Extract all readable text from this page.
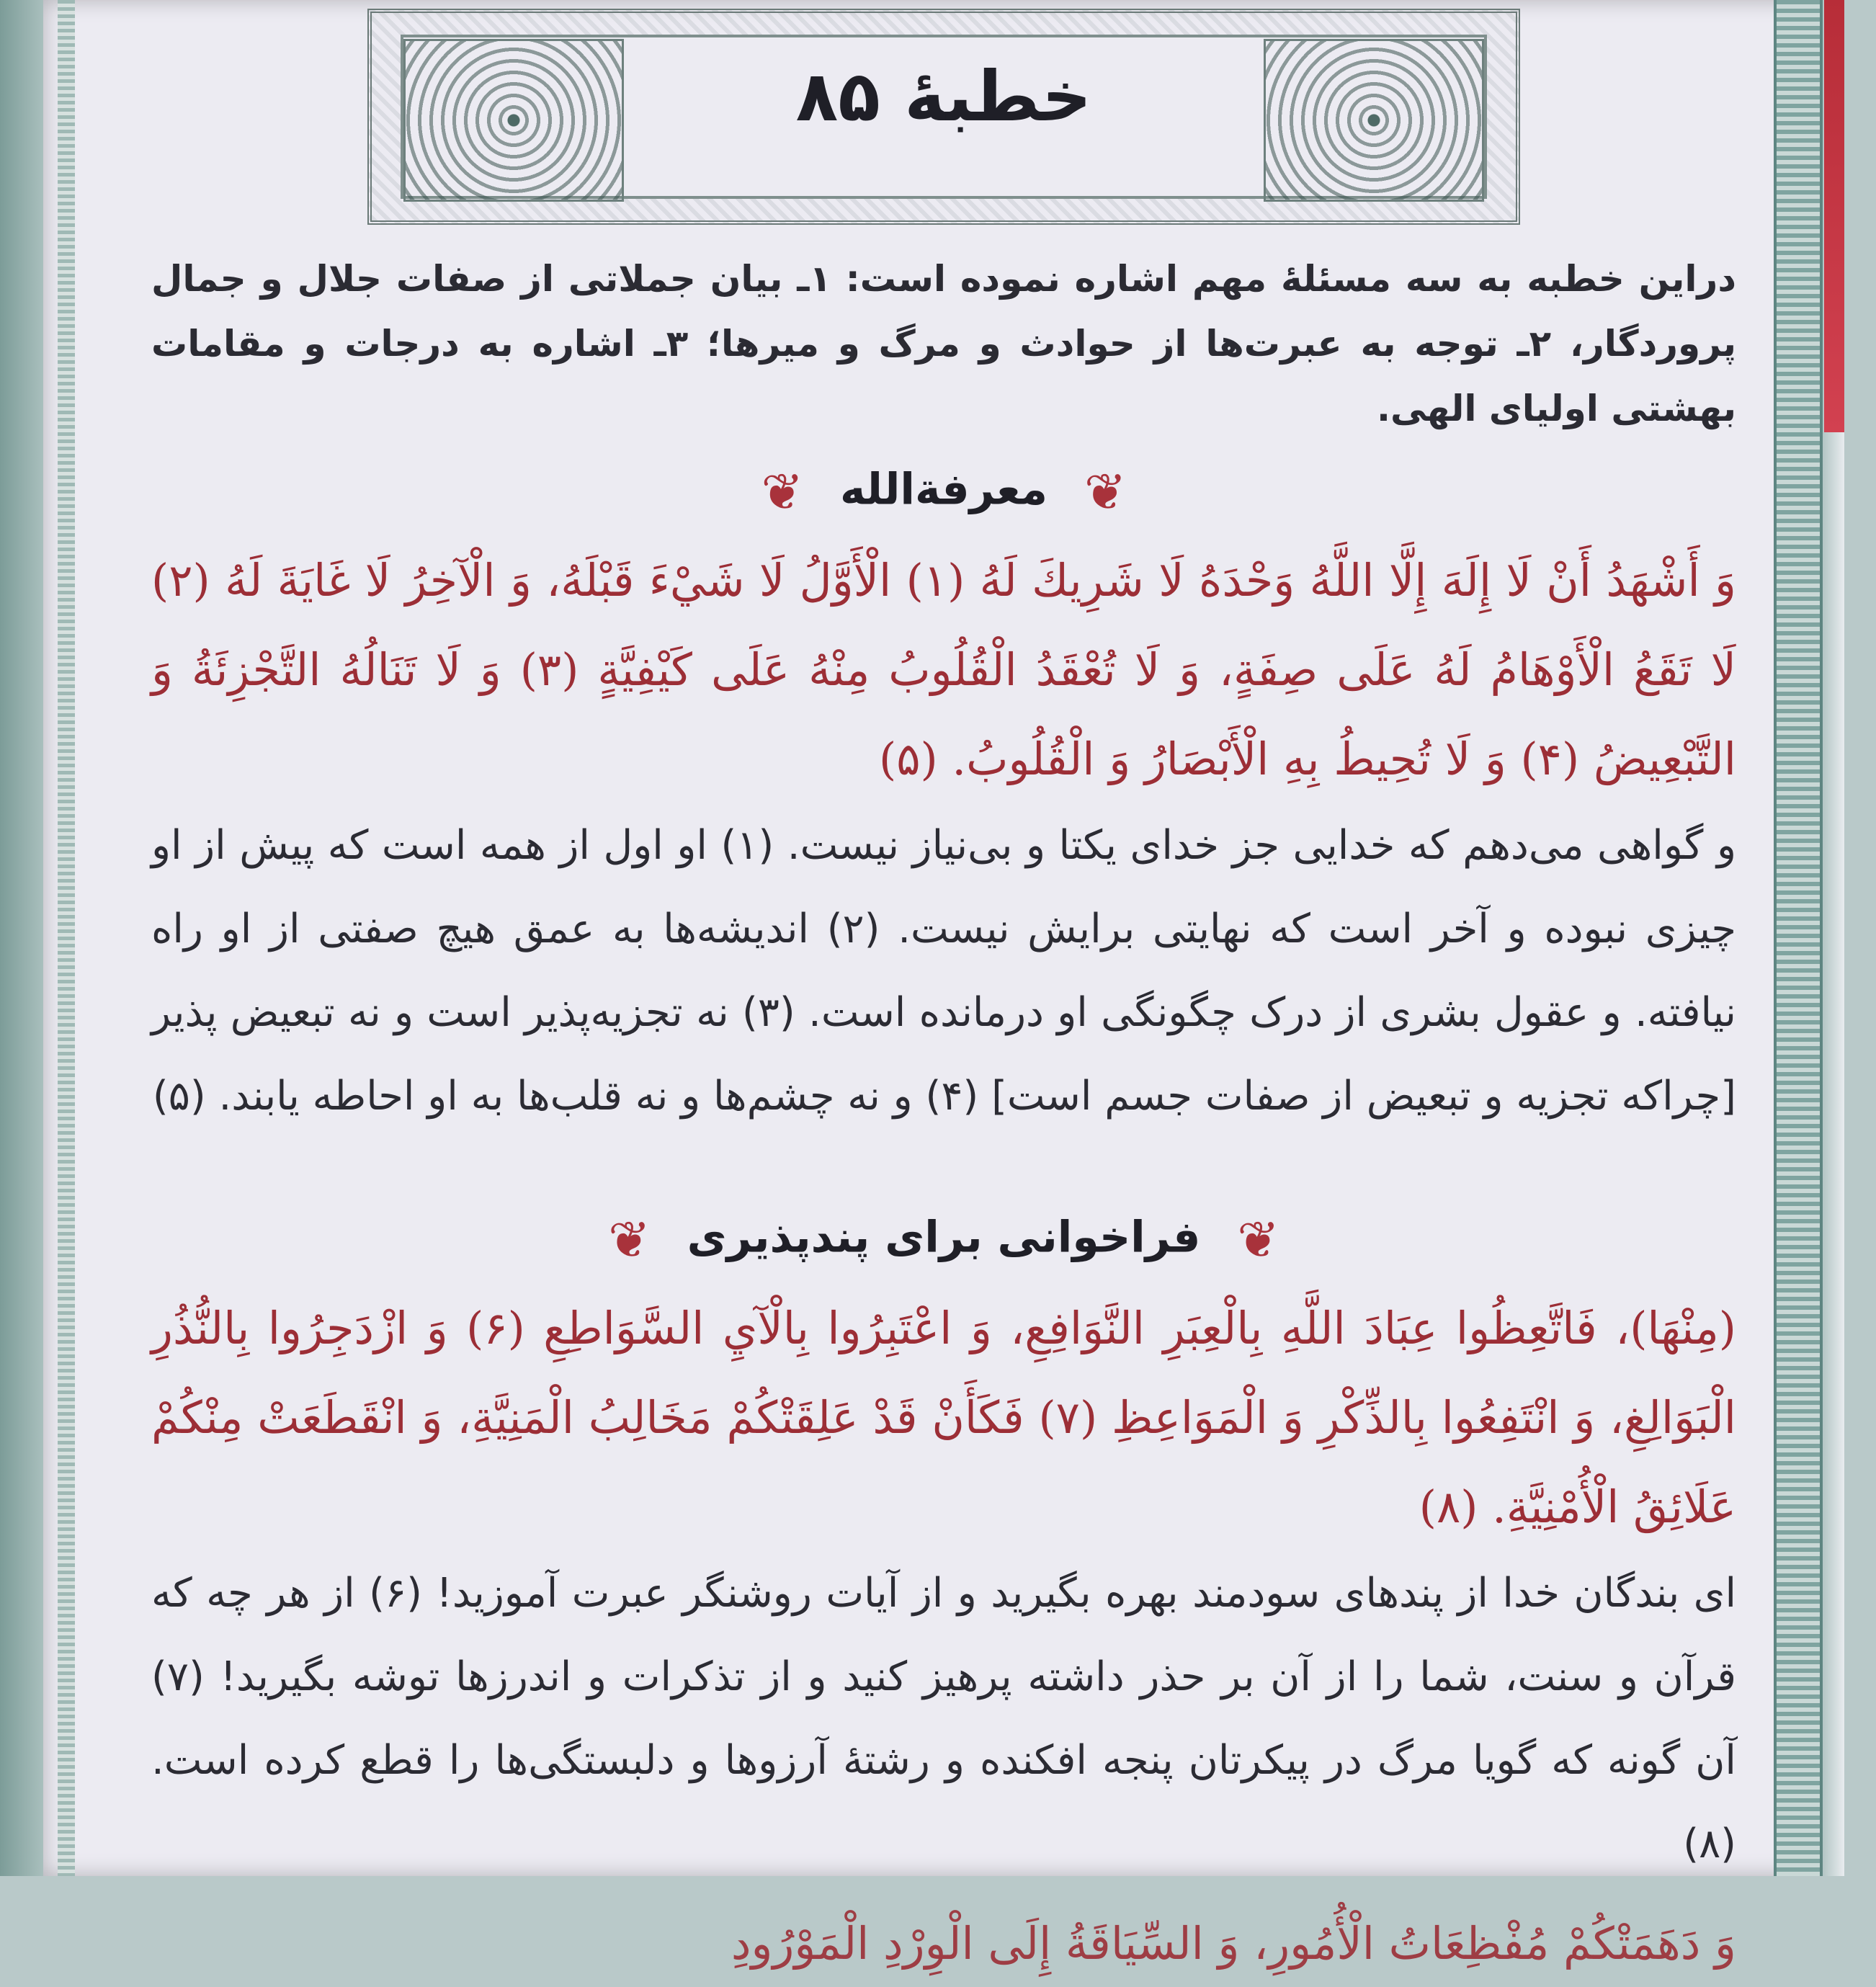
خطبهٔ ۸۵
دراین خطبه به سه مسئلهٔ مهم اشاره نموده است: ۱ـ بیان جملاتی از صفات جلال و جمال پروردگار، ۲ـ توجه به عبرت‌ها از حوادث و مرگ و میرها؛ ۳ـ اشاره به درجات و مقامات بهشتی اولیای الهی.
❦ معرفة‌الله ❦
وَ أَشْهَدُ أَنْ لَا إِلَهَ إِلَّا اللَّهُ وَحْدَهُ لَا شَرِيكَ لَهُ (۱) الْأَوَّلُ لَا شَيْءَ قَبْلَهُ، وَ الْآخِرُ لَا غَايَةَ لَهُ (۲) لَا تَقَعُ الْأَوْهَامُ لَهُ عَلَى صِفَةٍ، وَ لَا تُعْقَدُ الْقُلُوبُ مِنْهُ عَلَى كَيْفِيَّةٍ (۳) وَ لَا تَنَالُهُ التَّجْزِئَةُ وَ التَّبْعِيضُ (۴) وَ لَا تُحِيطُ بِهِ الْأَبْصَارُ وَ الْقُلُوبُ. (۵)
و گواهی می‌دهم که خدایی جز خدای یکتا و بی‌نیاز نیست. (۱) او اول از همه است که پیش از او چیزی نبوده و آخر است که نهایتی برایش نیست. (۲) اندیشه‌ها به عمق هیچ صفتی از او راه نیافته. و عقول بشری از درک چگونگی او درمانده است. (۳) نه تجزیه‌پذیر است و نه تبعیض پذیر [چراکه تجزیه و تبعیض از صفات جسم است] (۴) و نه چشم‌ها و نه قلب‌ها به او احاطه یابند. (۵)
❦ فراخوانی برای پندپذیری ❦
(مِنْهَا)، فَاتَّعِظُوا عِبَادَ اللَّهِ بِالْعِبَرِ النَّوَافِعِ، وَ اعْتَبِرُوا بِالْآيِ السَّوَاطِعِ (۶) وَ ازْدَجِرُوا بِالنُّذُرِ الْبَوَالِغِ، وَ انْتَفِعُوا بِالذِّكْرِ وَ الْمَوَاعِظِ (۷) فَكَأَنْ قَدْ عَلِقَتْكُمْ مَخَالِبُ الْمَنِيَّةِ، وَ انْقَطَعَتْ مِنْكُمْ عَلَائِقُ الْأُمْنِيَّةِ. (۸)
ای بندگان خدا از پندهای سودمند بهره بگیرید و از آیات روشنگر عبرت آموزید! (۶) از هر چه که قرآن و سنت، شما را از آن بر حذر داشته پرهیز کنید و از تذکرات و اندرزها توشه بگیرید! (۷) آن گونه که گویا مرگ در پیکرتان پنجه افکنده و رشتهٔ آرزوها و دلبستگی‌ها را قطع کرده است. (۸)
وَ دَهَمَتْكُمْ مُفْظِعَاتُ الْأُمُورِ، وَ السِّيَاقَةُ إِلَى الْوِرْدِ الْمَوْرُودِ
